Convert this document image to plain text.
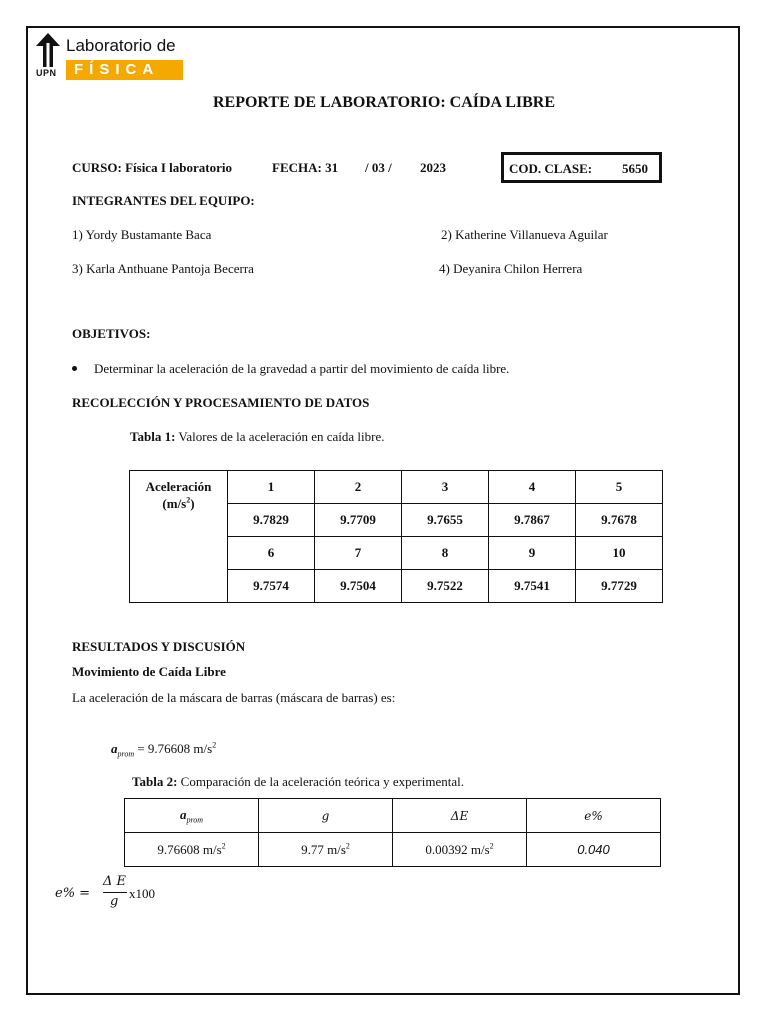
UPN
Laboratorio de
FÍSICA
REPORTE DE LABORATORIO: CAÍDA LIBRE
CURSO: Física I laboratorio	FECHA: 31 / 03 / 2023	COD. CLASE: 5650
INTEGRANTES DEL EQUIPO:
1) Yordy Bustamante Baca	2) Katherine Villanueva Aguilar
3) Karla Anthuane Pantoja Becerra	4) Deyanira Chilon Herrera
OBJETIVOS:
Determinar la aceleración de la gravedad a partir del movimiento de caída libre.
RECOLECCIÓN Y PROCESAMIENTO DE DATOS
Tabla 1: Valores de la aceleración en caída libre.
Aceleración
$(m/s^2)$	1	2	3	4	5
	9.7829	9.7709	9.7655	9.7867	9.7678
	6	7	8	9	10
	9.7574	9.7504	9.7522	9.7541	9.7729
RESULTADOS Y DISCUSIÓN
Movimiento de Caída Libre
La aceleración de la máscara de barras (máscara de barras) es:
$a_{prom} = 9.76608$ $m/s^2$
Tabla 2: Comparación de la aceleración teórica y experimental.
$a_{prom}$	g	ΔE	e%
9.76608 $m/s^2$	9.77 $m/s^2$	0.00392 $m/s^2$	0.040
e% =
Δ E
g
x100
